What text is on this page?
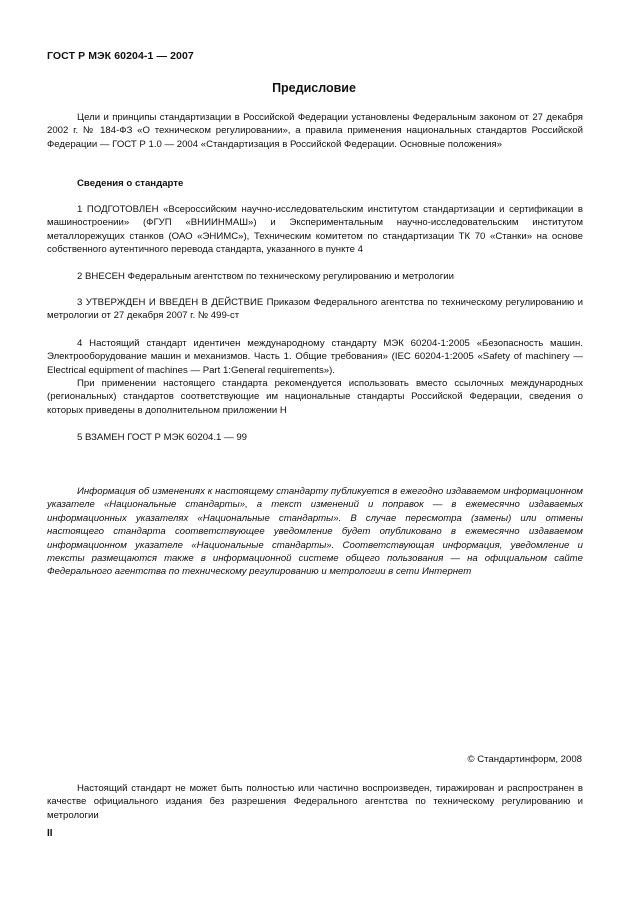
ГОСТ Р МЭК 60204-1 — 2007
Предисловие
Цели и принципы стандартизации в Российской Федерации установлены Федеральным законом от 27 декабря 2002 г. № 184-ФЗ «О техническом регулировании», а правила применения национальных стандартов Российской Федерации — ГОСТ Р 1.0 — 2004 «Стандартизация в Российской Федерации. Основные положения»
Сведения о стандарте
1 ПОДГОТОВЛЕН «Всероссийским научно-исследовательским институтом стандартизации и сертификации в машиностроении» (ФГУП «ВНИИНМАШ») и Экспериментальным научно-исследовательским институтом металлорежущих станков (ОАО «ЭНИМС»), Техническим комитетом по стандартизации ТК 70 «Станки» на основе собственного аутентичного перевода стандарта, указанного в пункте 4
2 ВНЕСЕН Федеральным агентством по техническому регулированию и метрологии
3 УТВЕРЖДЕН И ВВЕДЕН В ДЕЙСТВИЕ Приказом Федерального агентства по техническому регулированию и метрологии от 27 декабря 2007 г. № 499-ст
4 Настоящий стандарт идентичен международному стандарту МЭК 60204-1:2005 «Безопасность машин. Электрооборудование машин и механизмов. Часть 1. Общие требования» (IEC 60204-1:2005 «Safety of machinery — Electrical equipment of machines — Part 1:General requirements»).
При применении настоящего стандарта рекомендуется использовать вместо ссылочных международных (региональных) стандартов соответствующие им национальные стандарты Российской Федерации, сведения о которых приведены в дополнительном приложении Н
5 ВЗАМЕН ГОСТ Р МЭК 60204.1 — 99
Информация об изменениях к настоящему стандарту публикуется в ежегодно издаваемом информационном указателе «Национальные стандарты», а текст изменений и поправок — в ежемесячно издаваемых информационных указателях «Национальные стандарты». В случае пересмотра (замены) или отмены настоящего стандарта соответствующее уведомление будет опубликовано в ежемесячно издаваемом информационном указателе «Национальные стандарты». Соответствующая информация, уведомление и тексты размещаются также в информационной системе общего пользования — на официальном сайте Федерального агентства по техническому регулированию и метрологии в сети Интернет
© Стандартинформ, 2008
Настоящий стандарт не может быть полностью или частично воспроизведен, тиражирован и распространен в качестве официального издания без разрешения Федерального агентства по техническому регулированию и метрологии
II
